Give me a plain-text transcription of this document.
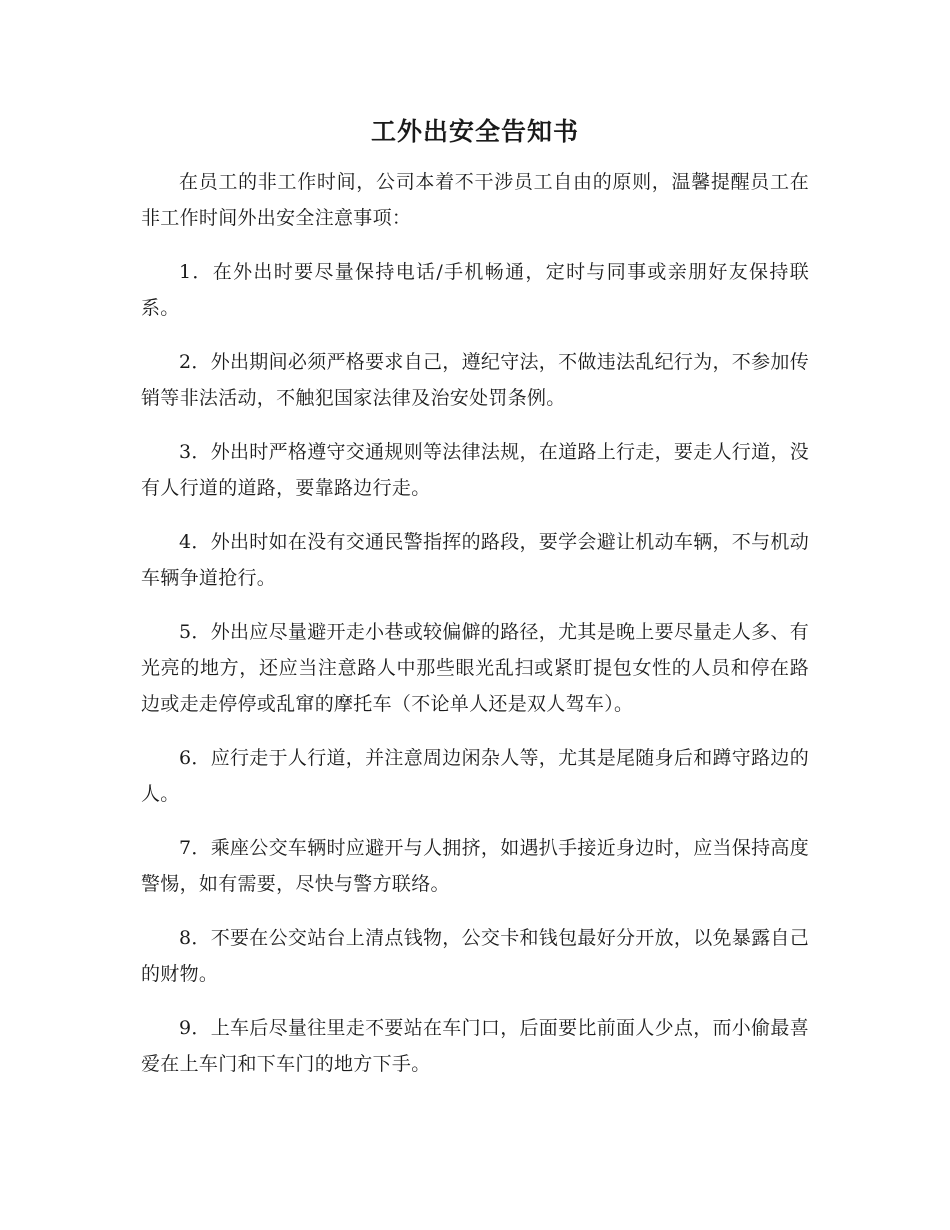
工外出安全告知书

在员工的非工作时间，公司本着不干涉员工自由的原则，温馨提醒员工在非工作时间外出安全注意事项：

1．在外出时要尽量保持电话/手机畅通，定时与同事或亲朋好友保持联系。

2．外出期间必须严格要求自己，遵纪守法，不做违法乱纪行为，不参加传销等非法活动，不触犯国家法律及治安处罚条例。

3．外出时严格遵守交通规则等法律法规，在道路上行走，要走人行道，没有人行道的道路，要靠路边行走。

4．外出时如在没有交通民警指挥的路段，要学会避让机动车辆，不与机动车辆争道抢行。

5．外出应尽量避开走小巷或较偏僻的路径，尤其是晚上要尽量走人多、有光亮的地方，还应当注意路人中那些眼光乱扫或紧盯提包女性的人员和停在路边或走走停停或乱窜的摩托车（不论单人还是双人驾车）。

6．应行走于人行道，并注意周边闲杂人等，尤其是尾随身后和蹲守路边的人。

7．乘座公交车辆时应避开与人拥挤，如遇扒手接近身边时，应当保持高度警惕，如有需要，尽快与警方联络。

8．不要在公交站台上清点钱物，公交卡和钱包最好分开放，以免暴露自己的财物。

9．上车后尽量往里走不要站在车门口，后面要比前面人少点，而小偷最喜爱在上车门和下车门的地方下手。
